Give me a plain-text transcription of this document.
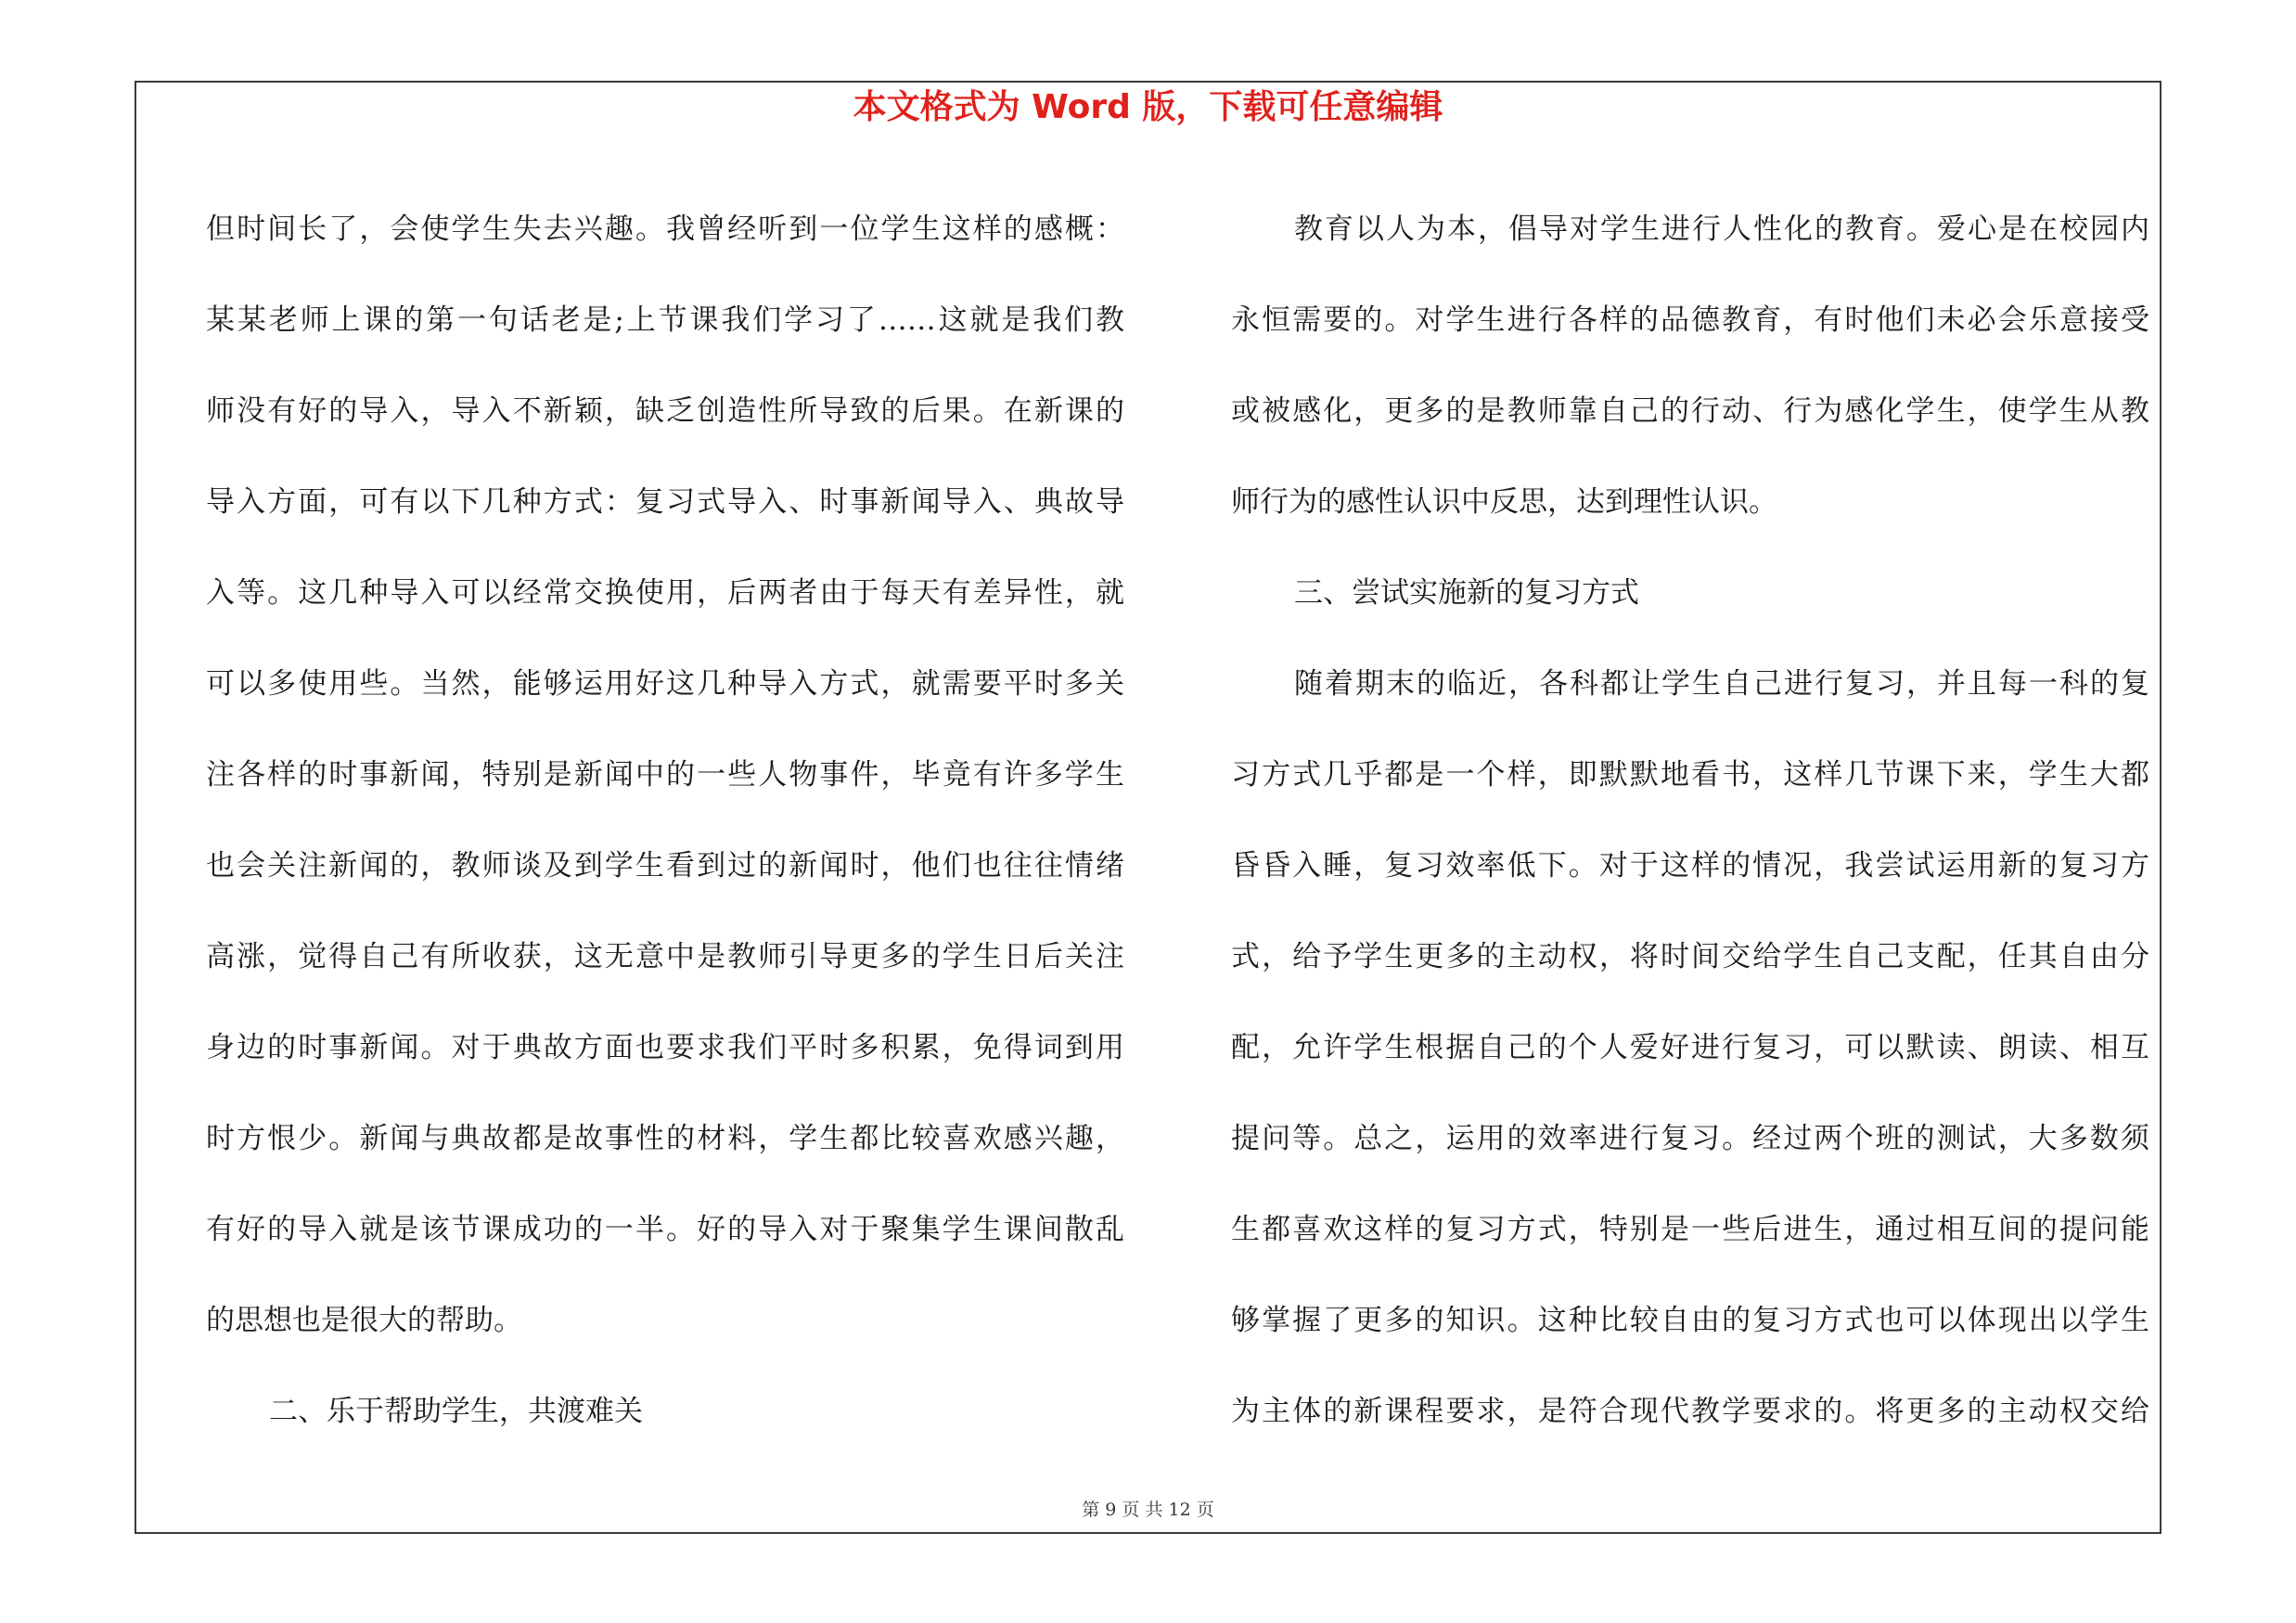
本文格式为 Word 版，下载可任意编辑
但时间长了，会使学生失去兴趣。我曾经听到一位学生这样的感概：
某某老师上课的第一句话老是;上节课我们学习了……这就是我们教
师没有好的导入，导入不新颖，缺乏创造性所导致的后果。在新课的
导入方面，可有以下几种方式：复习式导入、时事新闻导入、典故导
入等。这几种导入可以经常交换使用，后两者由于每天有差异性，就
可以多使用些。当然，能够运用好这几种导入方式，就需要平时多关
注各样的时事新闻，特别是新闻中的一些人物事件，毕竟有许多学生
也会关注新闻的，教师谈及到学生看到过的新闻时，他们也往往情绪
高涨，觉得自己有所收获，这无意中是教师引导更多的学生日后关注
身边的时事新闻。对于典故方面也要求我们平时多积累，免得词到用
时方恨少。新闻与典故都是故事性的材料，学生都比较喜欢感兴趣，
有好的导入就是该节课成功的一半。好的导入对于聚集学生课间散乱
的思想也是很大的帮助。
二、乐于帮助学生，共渡难关
教育以人为本，倡导对学生进行人性化的教育。爱心是在校园内
永恒需要的。对学生进行各样的品德教育，有时他们未必会乐意接受
或被感化，更多的是教师靠自己的行动、行为感化学生，使学生从教
师行为的感性认识中反思，达到理性认识。
三、尝试实施新的复习方式
随着期末的临近，各科都让学生自己进行复习，并且每一科的复
习方式几乎都是一个样，即默默地看书，这样几节课下来，学生大都
昏昏入睡，复习效率低下。对于这样的情况，我尝试运用新的复习方
式，给予学生更多的主动权，将时间交给学生自己支配，任其自由分
配，允许学生根据自己的个人爱好进行复习，可以默读、朗读、相互
提问等。总之，运用的效率进行复习。经过两个班的测试，大多数须
生都喜欢这样的复习方式，特别是一些后进生，通过相互间的提问能
够掌握了更多的知识。这种比较自由的复习方式也可以体现出以学生
为主体的新课程要求，是符合现代教学要求的。将更多的主动权交给
第 9 页 共 12 页
